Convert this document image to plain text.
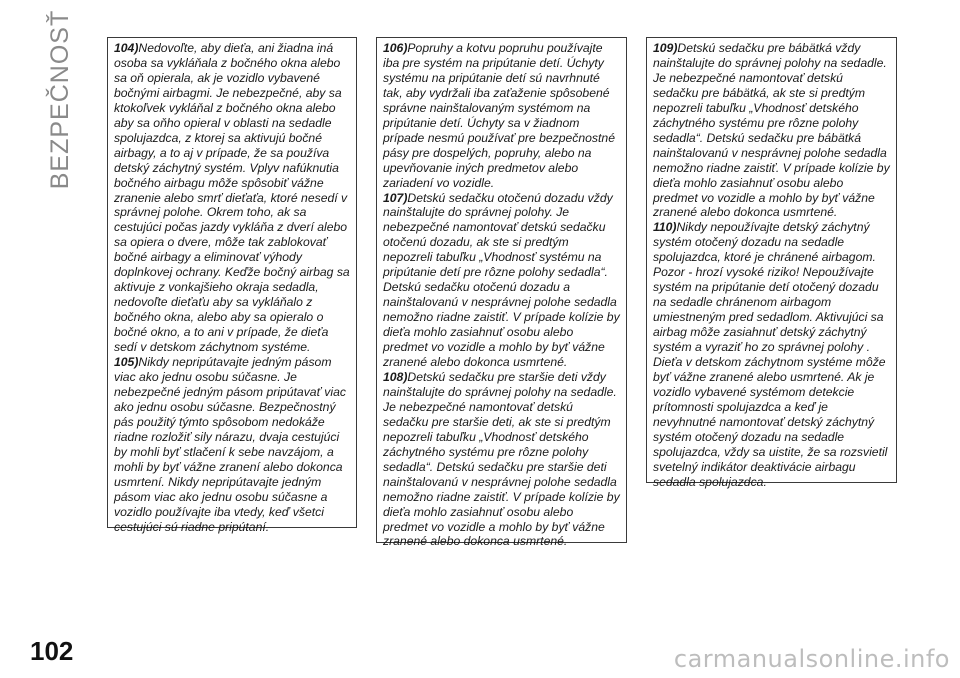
BEZPEČNOSŤ	104)Nedovoľte, aby dieťa, ani žiadna iná osoba sa vykláňala z bočného okna alebo sa oň opierala, ak je vozidlo vybavené bočnými airbagmi. Je nebezpečné, aby sa ktokoľvek vykláňal z bočného okna alebo aby sa oňho opieral v oblasti na sedadle spolujazdca, z ktorej sa aktivujú bočné airbagy, a to aj v prípade, že sa používa detský záchytný systém. Vplyv nafúknutia bočného airbagu môže spôsobiť vážne zranenie alebo smrť dieťaťa, ktoré nesedí v správnej polohe. Okrem toho, ak sa cestujúci počas jazdy vykláňa z dverí alebo sa opiera o dvere, môže tak zablokovať bočné airbagy a eliminovať výhody doplnkovej ochrany. Keďže bočný airbag sa aktivuje z vonkajšieho okraja sedadla, nedovoľte dieťaťu aby sa vykláňalo z bočného okna, alebo aby sa opieralo o bočné okno, a to ani v prípade, že dieťa sedí v detskom záchytnom systéme.

105)Nikdy nepripútavajte jedným pásom viac ako jednu osobu súčasne. Je nebezpečné jedným pásom pripútavať viac ako jednu osobu súčasne. Bezpečnostný pás použitý týmto spôsobom nedokáže riadne rozložiť sily nárazu, dvaja cestujúci by mohli byť stlačení k sebe navzájom, a mohli by byť vážne zranení alebo dokonca usmrtení. Nikdy nepripútavajte jedným pásom viac ako jednu osobu súčasne a vozidlo používajte iba vtedy, keď všetci cestujúci sú riadne pripútaní.

106)Popruhy a kotvu popruhu používajte iba pre systém na pripútanie detí. Úchyty systému na pripútanie detí sú navrhnuté tak, aby vydržali iba zaťaženie spôsobené správne nainštalovaným systémom na pripútanie detí. Úchyty sa v žiadnom prípade nesmú používať pre bezpečnostné pásy pre dospelých, popruhy, alebo na upevňovanie iných predmetov alebo zariadení vo vozidle.

107)Detskú sedačku otočenú dozadu vždy nainštalujte do správnej polohy. Je nebezpečné namontovať detskú sedačku otočenú dozadu, ak ste si predtým nepozreli tabuľku „Vhodnosť systému na pripútanie detí pre rôzne polohy sedadla“. Detskú sedačku otočenú dozadu a nainštalovanú v nesprávnej polohe sedadla nemožno riadne zaistiť. V prípade kolízie by dieťa mohlo zasiahnuť osobu alebo predmet vo vozidle a mohlo by byť vážne zranené alebo dokonca usmrtené.

108)Detskú sedačku pre staršie deti vždy nainštalujte do správnej polohy na sedadle. Je nebezpečné namontovať detskú sedačku pre staršie deti, ak ste si predtým nepozreli tabuľku „Vhodnosť detského záchytného systému pre rôzne polohy sedadla“. Detskú sedačku pre staršie deti nainštalovanú v nesprávnej polohe sedadla nemožno riadne zaistiť. V prípade kolízie by dieťa mohlo zasiahnuť osobu alebo predmet vo vozidle a mohlo by byť vážne zranené alebo dokonca usmrtené.

109)Detskú sedačku pre bábätká vždy nainštalujte do správnej polohy na sedadle. Je nebezpečné namontovať detskú sedačku pre bábätká, ak ste si predtým nepozreli tabuľku „Vhodnosť detského záchytného systému pre rôzne polohy sedadla“. Detskú sedačku pre bábätká nainštalovanú v nesprávnej polohe sedadla nemožno riadne zaistiť. V prípade kolízie by dieťa mohlo zasiahnuť osobu alebo predmet vo vozidle a mohlo by byť vážne zranené alebo dokonca usmrtené.

110)Nikdy nepoužívajte detský záchytný systém otočený dozadu na sedadle spolujazdca, ktoré je chránené airbagom. Pozor - hrozí vysoké riziko! Nepoužívajte systém na pripútanie detí otočený dozadu na sedadle chránenom airbagom umiestneným pred sedadlom. Aktivujúci sa airbag môže zasiahnuť detský záchytný systém a vyraziť ho zo správnej polohy . Dieťa v detskom záchytnom systéme môže byť vážne zranené alebo usmrtené. Ak je vozidlo vybavené systémom detekcie prítomnosti spolujazdca a keď je nevyhnutné namontovať detský záchytný systém otočený dozadu na sedadle spolujazdca, vždy sa uistite, že sa rozsvietil svetelný indikátor deaktivácie airbagu sedadla spolujazdca.

102	carmanualsonline.info
